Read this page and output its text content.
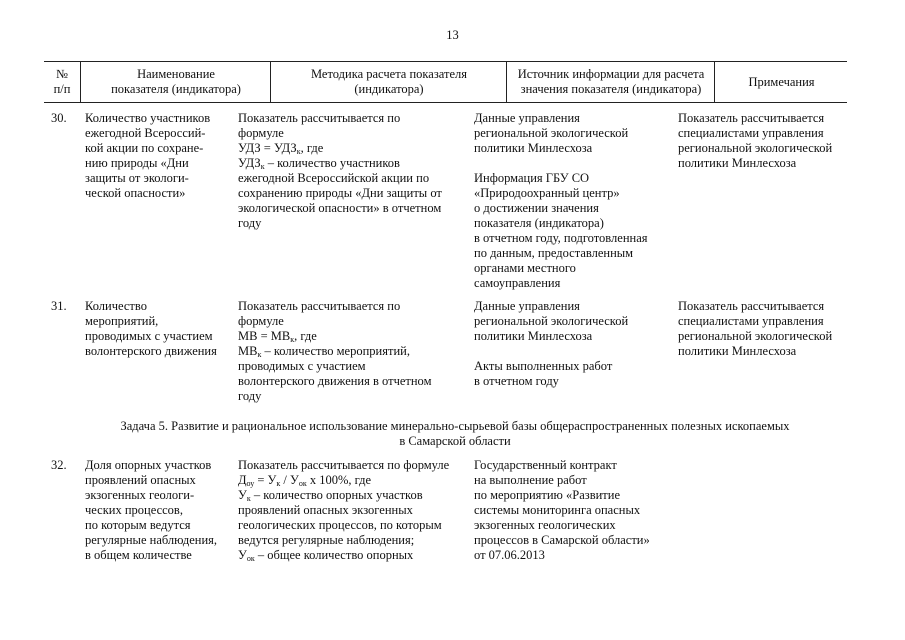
13
№
п/п
Наименование
показателя (индикатора)
Методика расчета показателя
(индикатора)
Источник информации для расчета
значения показателя (индикатора)
Примечания
30. Количество участников
ежегодной Всероссий-
кой акции по сохране-
нию природы «Дни
защиты от экологи-
ческой опасности»
Показатель рассчитывается по
формуле
УДЗ = $УДЗ_к$, где
$УДЗ_к$ – количество участников
ежегодной Всероссийской акции по
сохранению природы «Дни защиты от
экологической опасности» в отчетном
году
Данные управления
региональной экологической
политики Минлесхоза

Информация ГБУ СО
«Природоохранный центр»
о достижении значения
показателя (индикатора)
в отчетном году, подготовленная
по данным, предоставленным
органами местного
самоуправления
Показатель рассчитывается
специалистами управления
региональной экологической
политики Минлесхоза
31. Количество
мероприятий,
проводимых с участием
волонтерского движения
Показатель рассчитывается по
формуле
МВ = $МВ_к$, где
$МВ_к$ – количество мероприятий,
проводимых с участием
волонтерского движения в отчетном
году
Данные управления
региональной экологической
политики Минлесхоза

Акты выполненных работ
в отчетном году
Показатель рассчитывается
специалистами управления
региональной экологической
политики Минлесхоза
Задача 5. Развитие и рациональное использование минерально-сырьевой базы общераспространенных полезных ископаемых
в Самарской области
32. Доля опорных участков
проявлений опасных
экзогенных геологи-
ческих процессов,
по которым ведутся
регулярные наблюдения,
в общем количестве
Показатель рассчитывается по формуле
$Д_{оу} = У_к / У_{ок}$ х 100%, где
$У_к$ – количество опорных участков
проявлений опасных экзогенных
геологических процессов, по которым
ведутся регулярные наблюдения;
$У_{ок}$ – общее количество опорных
Государственный контракт
на выполнение работ
по мероприятию «Развитие
системы мониторинга опасных
экзогенных геологических
процессов в Самарской области»
от 07.06.2013
